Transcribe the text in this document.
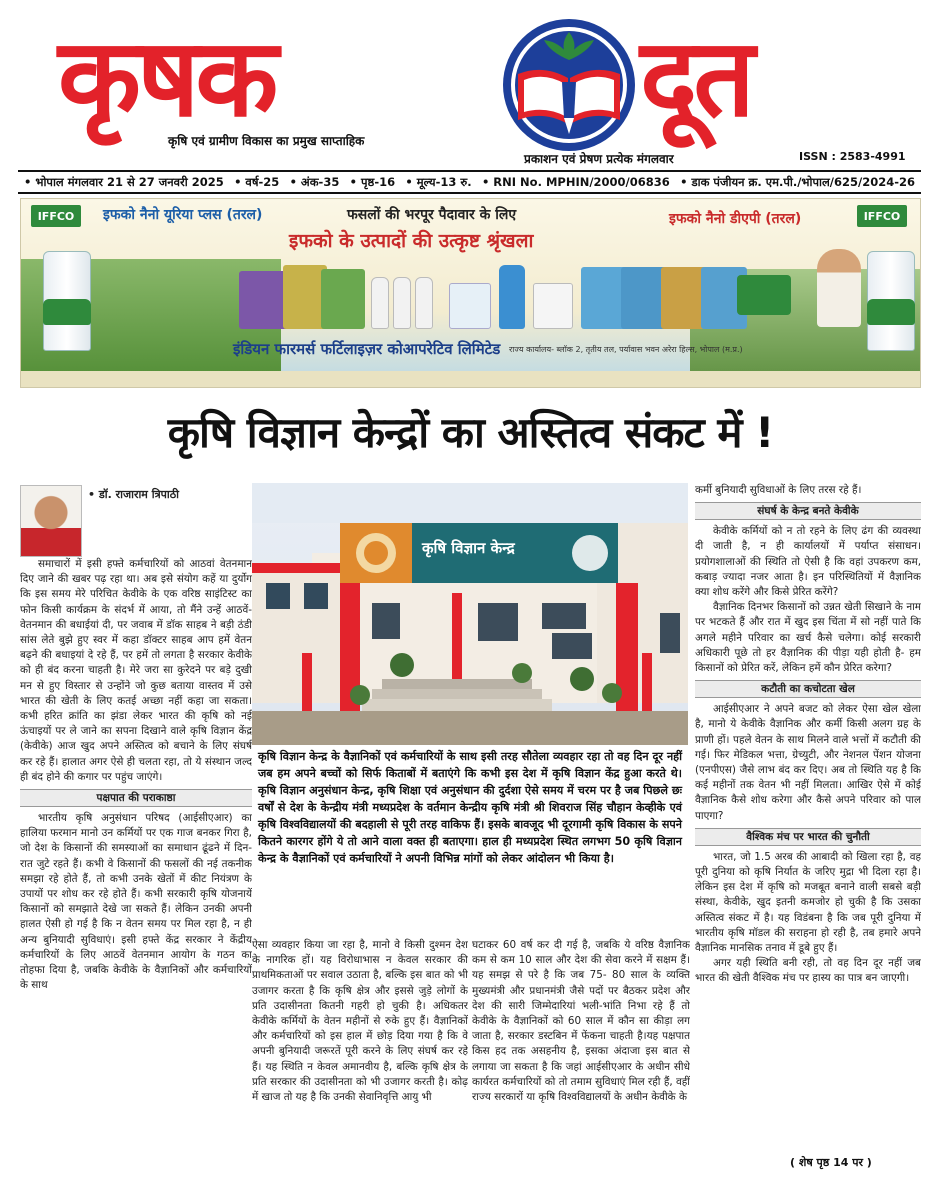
कृषक	दूत
कृषि एवं ग्रामीण विकास का प्रमुख साप्ताहिक
प्रकाशन एवं प्रेषण प्रत्येक मंगलवार	ISSN : 2583-4991
• भोपाल मंगलवार 21 से 27 जनवरी 2025 • वर्ष-25 • अंक-35 • पृष्ठ-16 • मूल्य-13 रु. • RNI No. MPHIN/2000/06836 • डाक पंजीयन क्र. एम.पी./भोपाल/625/2024-26
IFFCO	IFFCO
इफको नैनो यूरिया प्लस (तरल)	फसलों की भरपूर पैदावार के लिए
इफको के उत्पादों की उत्कृष्ट श्रृंखला
इफको नैनो डीएपी (तरल)
इंडियन फारमर्स फर्टिलाइज़र कोआपरेटिव लिमिटेड राज्य कार्यालय- ब्लॉक 2, तृतीय तल, पर्यावास भवन अरेरा हिल्स, भोपाल (म.प्र.)
कृषि विज्ञान केन्द्रों का अस्तित्व संकट में !
• डॉ. राजाराम त्रिपाठी

समाचारों में इसी हफ्ते कर्मचारियों को आठवां वेतनमान दिए जाने की खबर पढ़ रहा था। अब इसे संयोग कहें या दुर्योग कि इस समय मेरे परिचित केवीके के एक वरिष्ठ साइंटिस्ट का फोन किसी कार्यक्रम के संदर्भ में आया, तो मैंने उन्हें आठवें-वेतनमान की बधाईयां दी, पर जवाब में डॉक साहब ने बड़ी ठंडी सांस लेते बुझे हुए स्वर में कहा डॉक्टर साहब आप हमें वेतन बढ़ने की बधाइयां दे रहे हैं, पर हमें तो लगता है सरकार केवीके को ही बंद करना चाहती है। मेरे जरा सा कुरेदने पर बड़े दुखी मन से हुए विस्तार से उन्होंने जो कुछ बताया वास्तव में उसे भारत की खेती के लिए कतई अच्छा नहीं कहा जा सकता। कभी हरित क्रांति का झंडा लेकर भारत की कृषि को नई ऊंचाइयों पर ले जाने का सपना दिखाने वाले कृषि विज्ञान केंद्र (केवीके) आज खुद अपने अस्तित्व को बचाने के लिए संघर्ष कर रहे हैं। हालात अगर ऐसे ही चलता रहा, तो ये संस्थान जल्द ही बंद होने की कगार पर पहुंच जाएंगे।

पक्षपात की पराकाष्ठा

भारतीय कृषि अनुसंधान परिषद (आईसीएआर) का हालिया फरमान मानो उन कर्मियों पर एक गाज बनकर गिरा है, जो देश के किसानों की समस्याओं का समाधान ढूंढने में दिन-रात जुटे रहते हैं। कभी वे किसानों की फसलों की नई तकनीक समझा रहे होते हैं, तो कभी उनके खेतों में कीट नियंत्रण के उपायों पर शोध कर रहे होते हैं। कभी सरकारी कृषि योजनायें किसानों को समझाते देखे जा सकते हैं। लेकिन उनकी अपनी हालत ऐसी हो गई है कि न वेतन समय पर मिल रहा है, न ही अन्य बुनियादी सुविधाएं। इसी हफ्ते केंद्र सरकार ने केंद्रीय कर्मचारियों के लिए आठवें वेतनमान आयोग के गठन का तोहफा दिया है, जबकि केवीके के वैज्ञानिकों और कर्मचारियों के साथ

कृषि विज्ञान केन्द्र
कृषि विज्ञान केन्द्र के वैज्ञानिकों एवं कर्मचारियों के साथ इसी तरह सौतेला व्यवहार रहा तो वह दिन दूर नहीं जब हम अपने बच्चों को सिर्फ किताबों में बताएंगे कि कभी इस देश में कृषि विज्ञान केंद्र हुआ करते थे। कृषि विज्ञान अनुसंधान केन्द्र, कृषि शिक्षा एवं अनुसंधान की दुर्दशा ऐसे समय में चरम पर है जब पिछले छः वर्षों से देश के केन्द्रीय मंत्री मध्यप्रदेश के वर्तमान केन्द्रीय कृषि मंत्री श्री शिवराज सिंह चौहान केव्हीके एवं कृषि विश्वविद्यालयों की बदहाली से पूरी तरह वाकिफ हैं। इसके बावजूद भी दूरगामी कृषि विकास के सपने कितने कारगर होंगे ये तो आने वाला वक्त ही बताएगा। हाल ही मध्यप्रदेश स्थित लगभग 50 कृषि विज्ञान केन्द्र के वैज्ञानिकों एवं कर्मचारियों ने अपनी विभिन्न मांगों को लेकर आंदोलन भी किया है।

ऐसा व्यवहार किया जा रहा है, मानो वे किसी दुश्मन देश के नागरिक हों। यह विरोधाभास न केवल सरकार की प्राथमिकताओं पर सवाल उठाता है, बल्कि इस बात को भी उजागर करता है कि कृषि क्षेत्र और इससे जुड़े लोगों के प्रति उदासीनता कितनी गहरी हो चुकी है। अधिकतर केवीके कर्मियों के वेतन महीनों से रुके हुए हैं। वैज्ञानिकों और कर्मचारियों को इस हाल में छोड़ दिया गया है कि वे अपनी बुनियादी जरूरतें पूरी करने के लिए संघर्ष कर रहे हैं। यह स्थिति न केवल अमानवीय है, बल्कि कृषि क्षेत्र के प्रति सरकार की उदासीनता को भी उजागर करती है। कोढ़ में खाज तो यह है कि उनकी सेवानिवृत्ति आयु भी

घटाकर 60 वर्ष कर दी गई है, जबकि ये वरिष्ठ वैज्ञानिक कम से कम 10 साल और देश की सेवा करने में सक्षम हैं। यह समझ से परे है कि जब 75- 80 साल के व्यक्ति मुख्यमंत्री और प्रधानमंत्री जैसे पदों पर बैठकर प्रदेश और देश की सारी जिम्मेदारियां भली-भांति निभा रहे हैं तो केवीके के वैज्ञानिकों को 60 साल में कौन सा कीड़ा लग जाता है, सरकार डस्टबिन में फेंकना चाहती है।यह पक्षपात किस हद तक असहनीय है, इसका अंदाजा इस बात से लगाया जा सकता है कि जहां आईसीएआर के अधीन सीधे कार्यरत कर्मचारियों को तो तमाम सुविधाएं मिल रही हैं, वहीं राज्य सरकारों या कृषि विश्वविद्यालयों के अधीन केवीके के

कर्मी बुनियादी सुविधाओं के लिए तरस रहे हैं।

संघर्ष के केन्द्र बनते केवीके

केवीके कर्मियों को न तो रहने के लिए ढंग की व्यवस्था दी जाती है, न ही कार्यालयों में पर्याप्त संसाधन। प्रयोगशालाओं की स्थिति तो ऐसी है कि वहां उपकरण कम, कबाड़ ज्यादा नजर आता है। इन परिस्थितियों में वैज्ञानिक क्या शोध करेंगे और किसे प्रेरित करेंगे?

वैज्ञानिक दिनभर किसानों को उन्नत खेती सिखाने के नाम पर भटकते हैं और रात में खुद इस चिंता में सो नहीं पाते कि अगले महीने परिवार का खर्च कैसे चलेगा। कोई सरकारी अधिकारी पूछे तो हर वैज्ञानिक की पीड़ा यही होती है- हम किसानों को प्रेरित करें, लेकिन हमें कौन प्रेरित करेगा?

कटौती का कचोटता खेल

आईसीएआर ने अपने बजट को लेकर ऐसा खेल खेला है, मानो ये केवीके वैज्ञानिक और कर्मी किसी अलग ग्रह के प्राणी हों। पहले वेतन के साथ मिलने वाले भत्तों में कटौती की गई। फिर मेडिकल भत्ता, ग्रेच्युटी, और नेशनल पेंशन योजना (एनपीएस) जैसे लाभ बंद कर दिए। अब तो स्थिति यह है कि कई महीनों तक वेतन भी नहीं मिलता। आखिर ऐसे में कोई वैज्ञानिक कैसे शोध करेगा और कैसे अपने परिवार को पाल पाएगा?

वैश्विक मंच पर भारत की चुनौती

भारत, जो 1.5 अरब की आबादी को खिला रहा है, वह पूरी दुनिया को कृषि निर्यात के जरिए मुद्रा भी दिला रहा है। लेकिन इस देश में कृषि को मजबूत बनाने वाली सबसे बड़ी संस्था, केवीके, खुद इतनी कमजोर हो चुकी है कि उसका अस्तित्व संकट में है। यह विडंबना है कि जब पूरी दुनिया में भारतीय कृषि मॉडल की सराहना हो रही है, तब हमारे अपने वैज्ञानिक मानसिक तनाव में डूबे हुए हैं।

अगर यही स्थिति बनी रही, तो वह दिन दूर नहीं जब भारत की खेती वैश्विक मंच पर हास्य का पात्र बन जाएगी।

( शेष पृष्ठ 14 पर )
